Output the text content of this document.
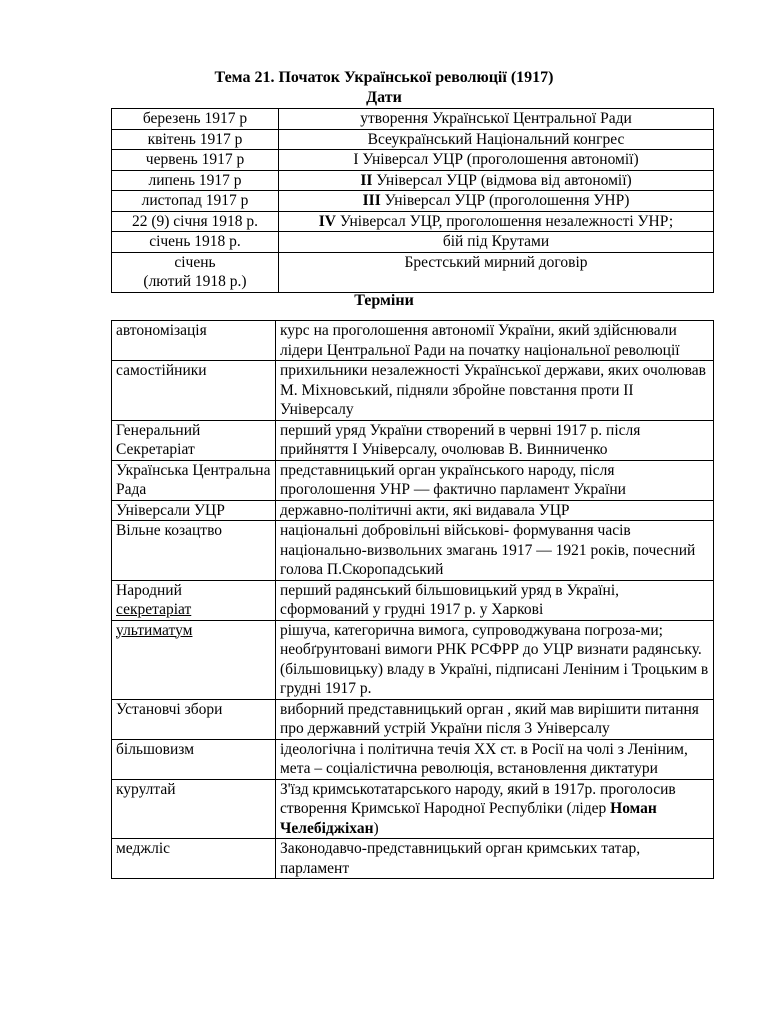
Тема 21. Початок Української революції (1917)
Дати
березень 1917 р	утворення Української Центральної Ради
квітень 1917 р	Всеукраїнський Національний конгрес
червень 1917 р	І Універсал УЦР (проголошення автономії)
липень 1917 р	ІІ Універсал УЦР (відмова від автономії)
листопад 1917 р	ІІІ Універсал УЦР (проголошення УНР)
22 (9) січня 1918 р.	IV Універсал УЦР, проголошення незалежності УНР;
січень 1918 р.	бій під Крутами

січень
(лютий 1918 р.)	Брестський мирний договір
Терміни
автономізація	курс на проголошення автономії України, який здійснювали лідери Центральної Ради на початку національної революції
самостійники	прихильники незалежності Української держави, яких очолював М. Міхновський, підняли збройне повстання проти ІІ Універсалу
Генеральний Секретаріат	перший уряд України створений в червні 1917 р. після прийняття І Універсалу, очолював В. Винниченко
Українська Центральна Рада	представницький орган українського народу, після проголошення УНР — фактично парламент України
Універсали УЦР	державно-політичні акти, які видавала УЦР
Вільне козацтво	національні добровільні військові- формування часів національно-визвольних змагань 1917 — 1921 років, почесний голова П.Скоропадський

Народний
секретаріат	перший радянський більшовицький уряд в Україні, сформований у грудні 1917 р. у Харкові
ультиматум	рішуча, категорична вимога, супроводжувана погроза-ми; необґрунтовані вимоги РНК РСФРР до УЦР визнати радянську. (більшовицьку) владу в Україні, підписані Леніним і Троцьким в грудні 1917 р.
Установчі збори	виборний представницький орган , який мав вирішити питання про державний устрій України після 3 Універсалу
більшовизм	ідеологічна і політична течія XX ст. в Росії на чолі з Леніним, мета – соціалістична революція, встановлення диктатури
курултай	З'їзд кримськотатарського народу, який в 1917р. проголосив створення Кримської Народної Республіки (лідер Номан Челебіджіхан)
меджліс	Законодавчо-представницький орган кримських татар, парламент
